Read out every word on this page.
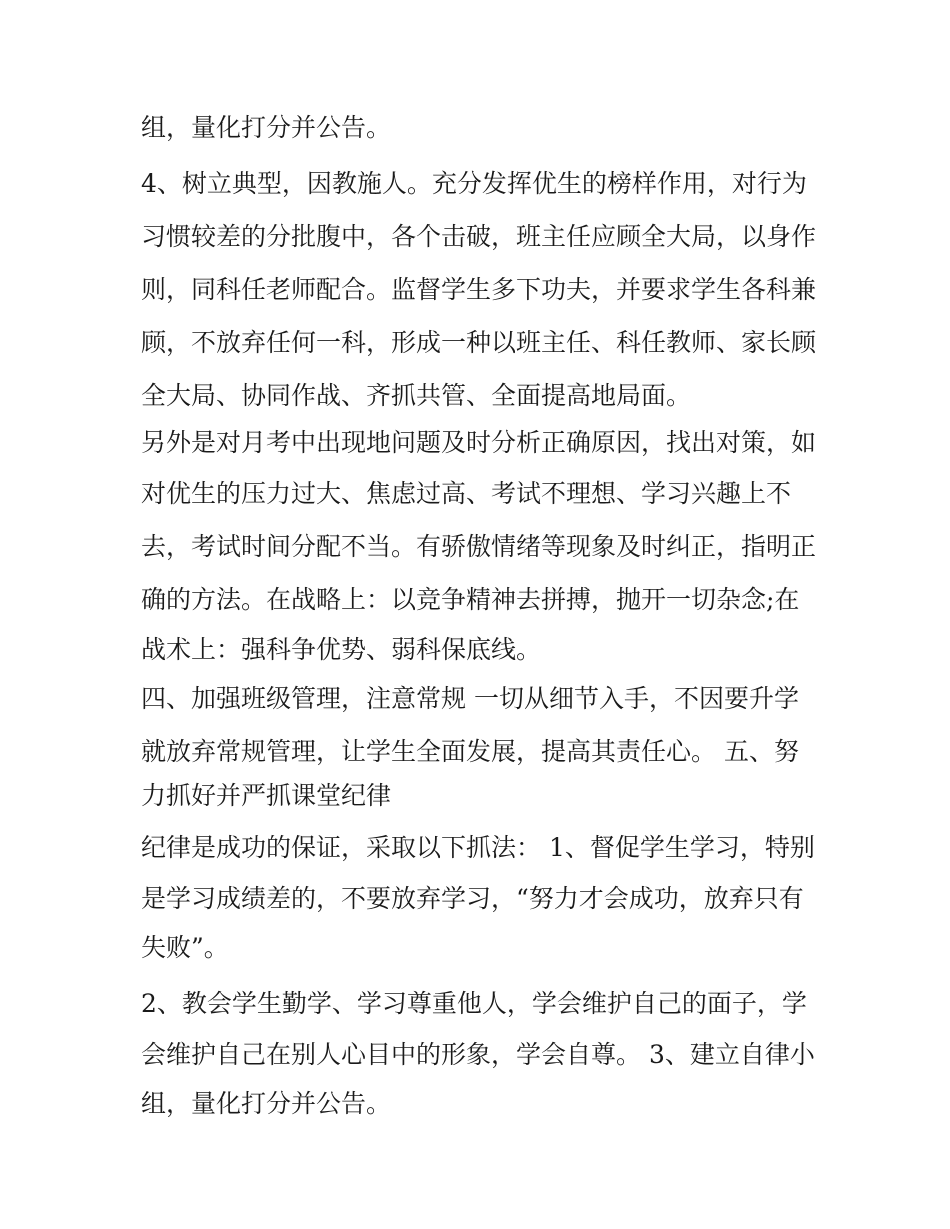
组，量化打分并公告。
4、树立典型，因教施人。充分发挥优生的榜样作用，对行为
习惯较差的分批腹中，各个击破，班主任应顾全大局，以身作
则，同科任老师配合。监督学生多下功夫，并要求学生各科兼
顾，不放弃任何一科，形成一种以班主任、科任教师、家长顾
全大局、协同作战、齐抓共管、全面提高地局面。
另外是对月考中出现地问题及时分析正确原因，找出对策，如
对优生的压力过大、焦虑过高、考试不理想、学习兴趣上不
去，考试时间分配不当。有骄傲情绪等现象及时纠正，指明正
确的方法。在战略上：以竞争精神去拼搏，抛开一切杂念;在
战术上：强科争优势、弱科保底线。
四、加强班级管理，注意常规 一切从细节入手，不因要升学
就放弃常规管理，让学生全面发展，提高其责任心。 五、努
力抓好并严抓课堂纪律
纪律是成功的保证，采取以下抓法： 1、督促学生学习，特别
是学习成绩差的，不要放弃学习，“努力才会成功，放弃只有
失败”。
2、教会学生勤学、学习尊重他人，学会维护自己的面子，学
会维护自己在别人心目中的形象，学会自尊。 3、建立自律小
组，量化打分并公告。
